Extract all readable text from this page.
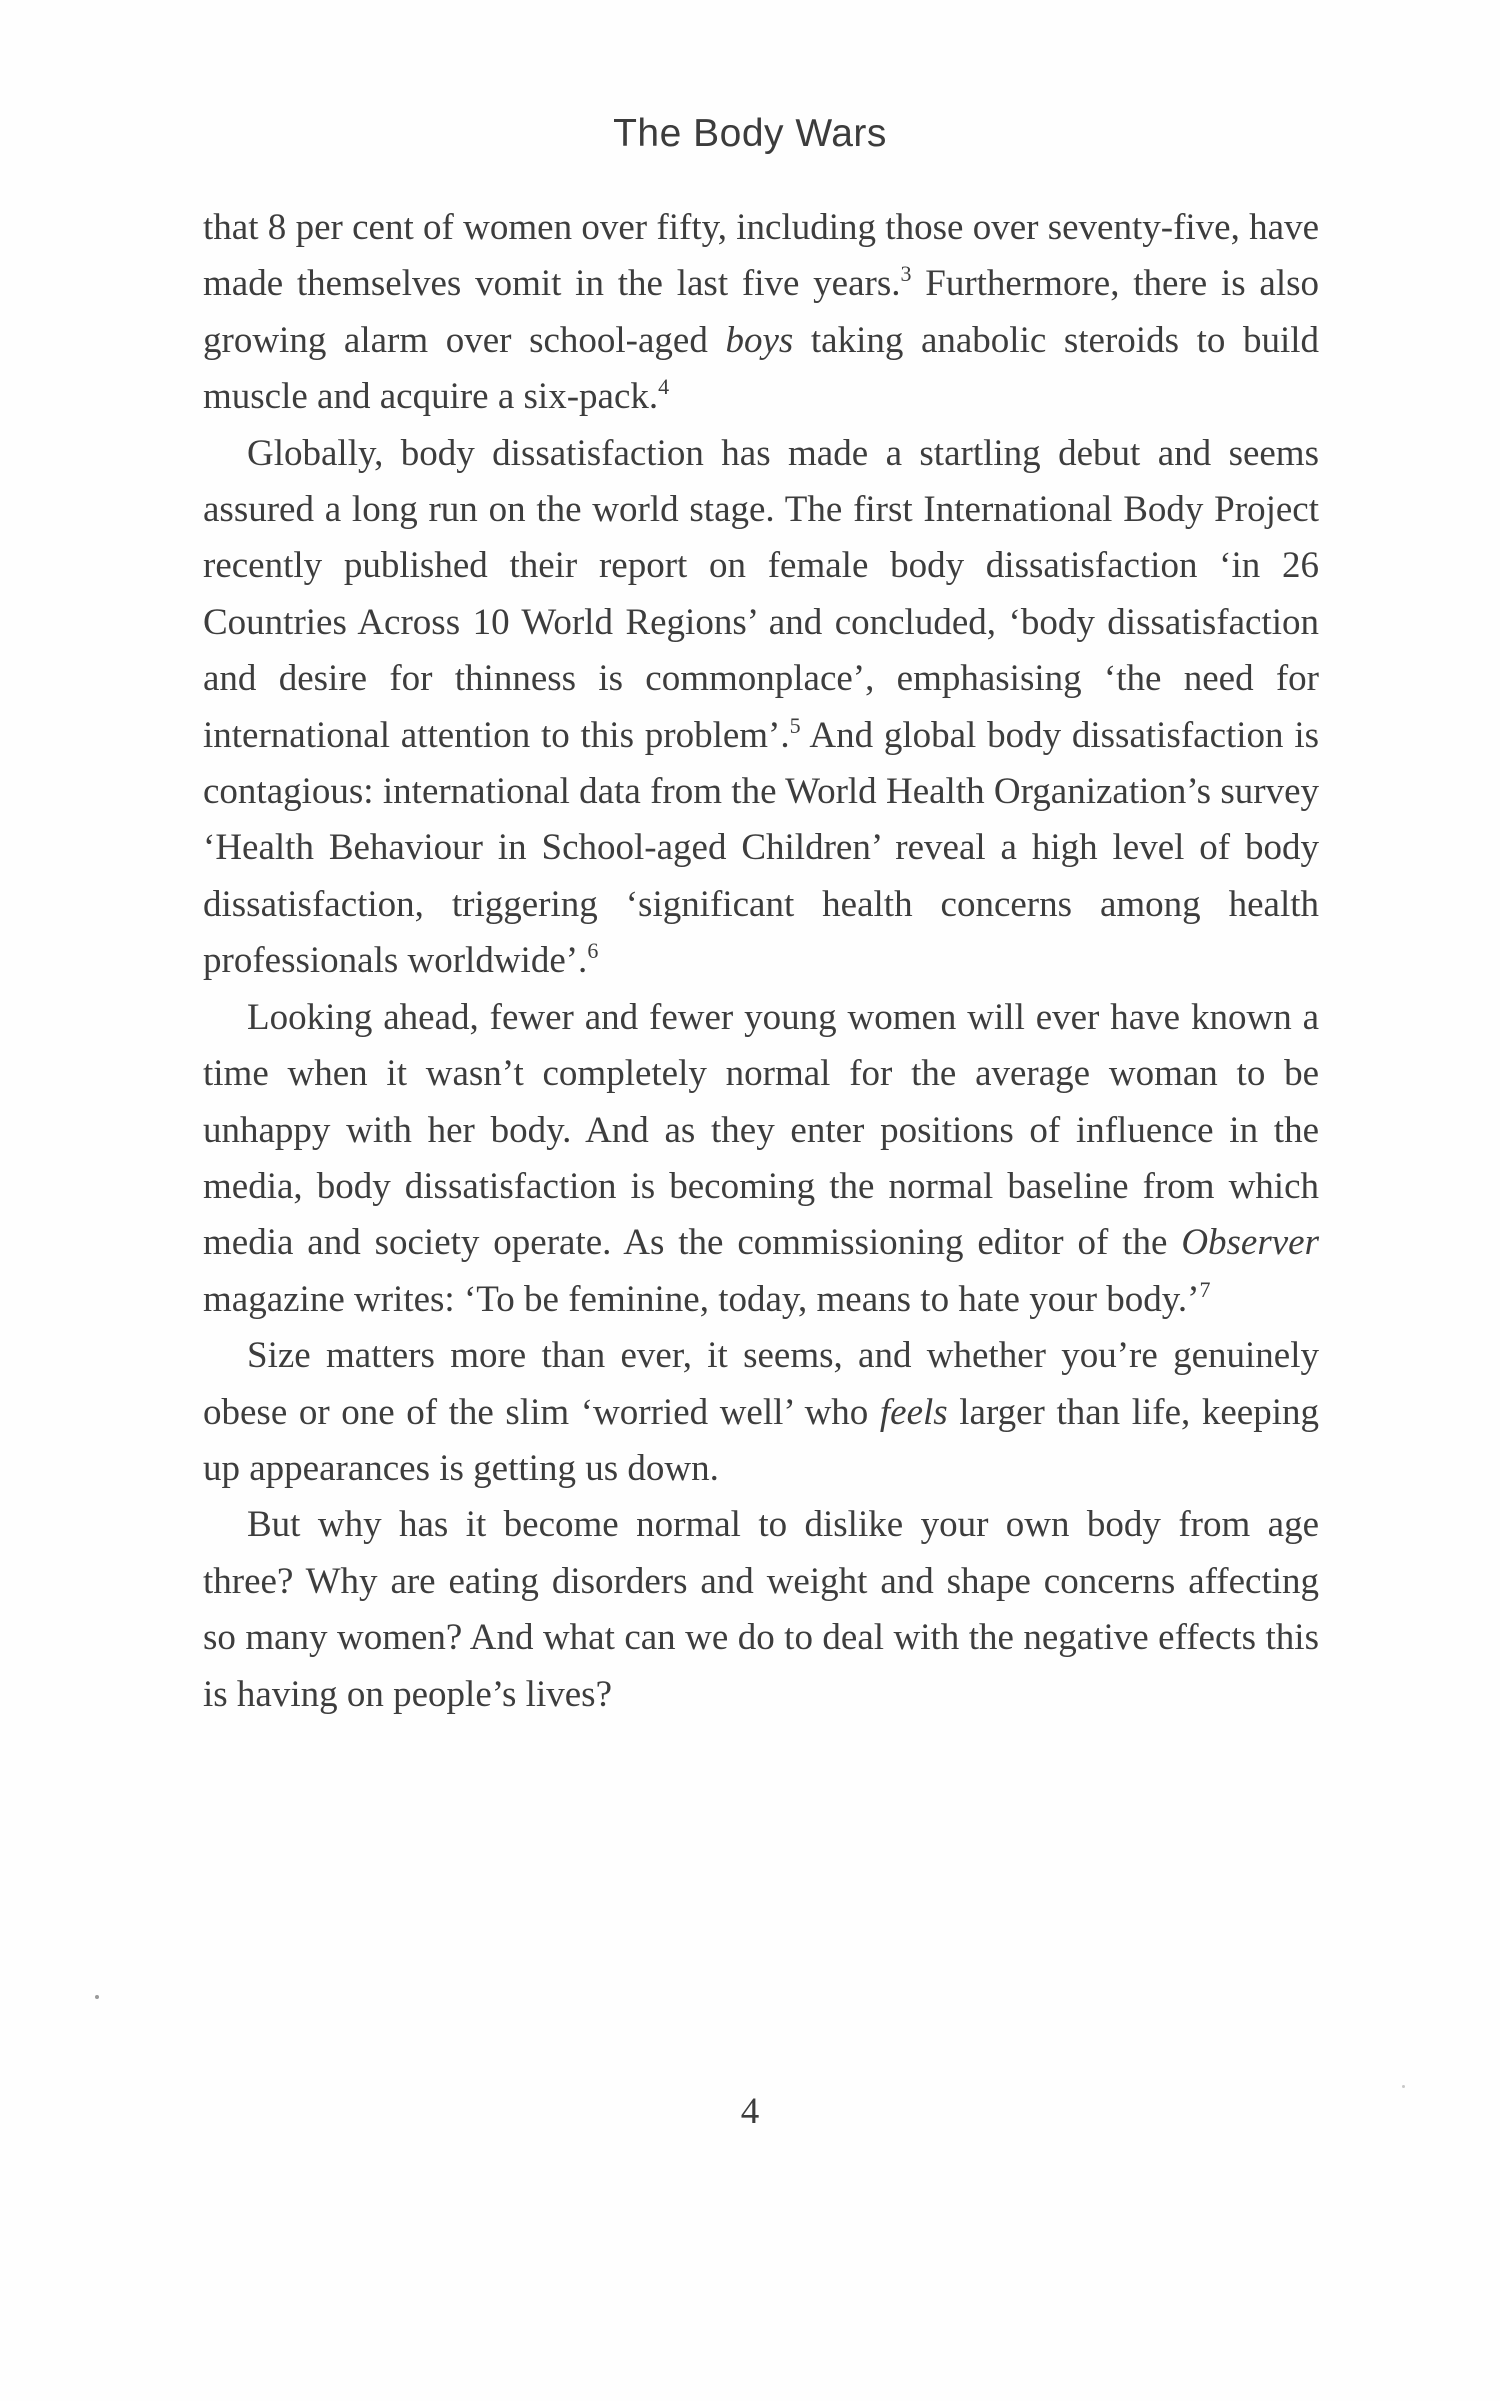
The Body Wars

that 8 per cent of women over fifty, including those over seventy-five, have made themselves vomit in the last five years.$^3$ Furthermore, there is also growing alarm over school-aged boys taking anabolic steroids to build muscle and acquire a six-pack.$^4$

Globally, body dissatisfaction has made a startling debut and seems assured a long run on the world stage. The first International Body Project recently published their report on female body dissatisfaction ‘in 26 Countries Across 10 World Regions’ and concluded, ‘body dissatisfaction and desire for thinness is commonplace’, emphasising ‘the need for international attention to this problem’.$^5$ And global body dissatisfaction is contagious: international data from the World Health Organization’s survey ‘Health Behaviour in School-aged Children’ reveal a high level of body dissatisfaction, triggering ‘significant health concerns among health professionals worldwide’.$^6$

Looking ahead, fewer and fewer young women will ever have known a time when it wasn’t completely normal for the average woman to be unhappy with her body. And as they enter positions of influence in the media, body dissatisfaction is becoming the normal baseline from which media and society operate. As the commissioning editor of the Observer magazine writes: ‘To be feminine, today, means to hate your body.’$^7$

Size matters more than ever, it seems, and whether you’re genuinely obese or one of the slim ‘worried well’ who feels larger than life, keeping up appearances is getting us down.

But why has it become normal to dislike your own body from age three? Why are eating disorders and weight and shape concerns affecting so many women? And what can we do to deal with the negative effects this is having on people’s lives?

4
